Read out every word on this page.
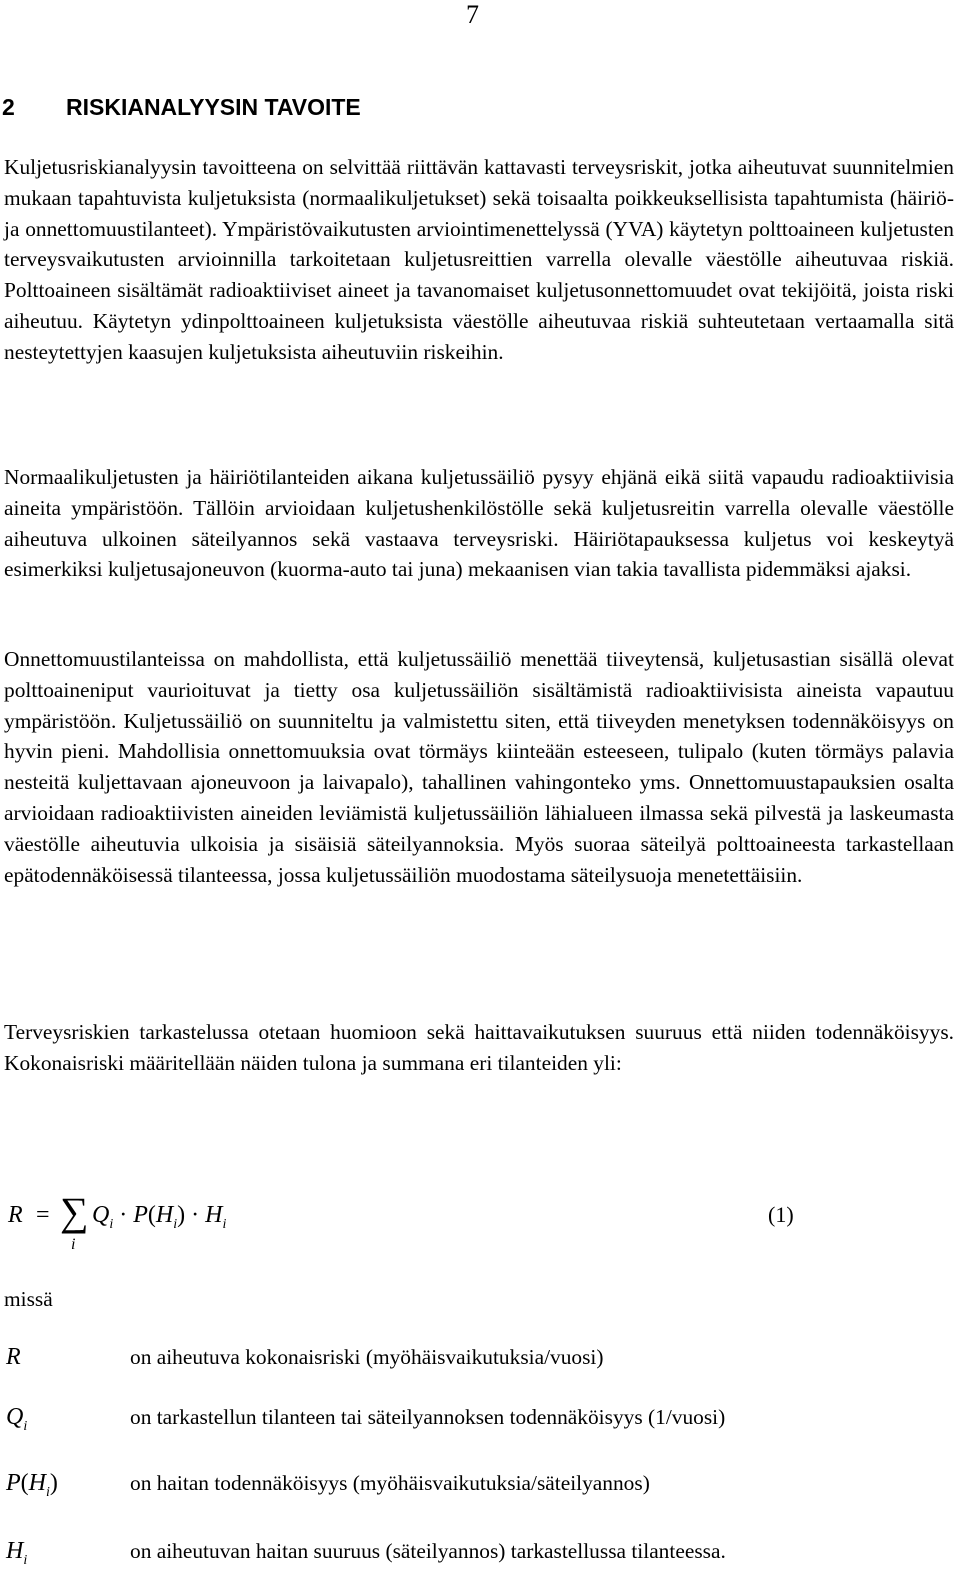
7
2 RISKIANALYYSIN TAVOITE

Kuljetusriskianalyysin tavoitteena on selvittää riittävän kattavasti terveysriskit, jotka aiheutuvat suunnitelmien mukaan tapahtuvista kuljetuksista (normaalikuljetukset) sekä toisaalta poikkeuksellisista tapahtumista (häiriö- ja onnettomuustilanteet). Ympäristövaikutusten arviointimenettelyssä (YVA) käytetyn polttoaineen kuljetusten terveysvaikutusten arvioinnilla tarkoitetaan kuljetusreittien varrella olevalle väestölle aiheutuvaa riskiä. Polttoaineen sisältämät radioaktiiviset aineet ja tavanomaiset kuljetusonnettomuudet ovat tekijöitä, joista riski aiheutuu. Käytetyn ydinpolttoaineen kuljetuksista väestölle aiheutuvaa riskiä suhteutetaan vertaamalla sitä nesteytettyjen kaasujen kuljetuksista aiheutuviin riskeihin.

Normaalikuljetusten ja häiriötilanteiden aikana kuljetussäiliö pysyy ehjänä eikä siitä vapaudu radioaktiivisia aineita ympäristöön. Tällöin arvioidaan kuljetushenkilöstölle sekä kuljetusreitin varrella olevalle väestölle aiheutuva ulkoinen säteilyannos sekä vastaava terveysriski. Häiriötapauksessa kuljetus voi keskeytyä esimerkiksi kuljetusajoneuvon (kuorma-auto tai juna) mekaanisen vian takia tavallista pidemmäksi ajaksi.

Onnettomuustilanteissa on mahdollista, että kuljetussäiliö menettää tiiveytensä, kuljetusastian sisällä olevat polttoaineniput vaurioituvat ja tietty osa kuljetussäiliön sisältämistä radioaktiivisista aineista vapautuu ympäristöön. Kuljetussäiliö on suunniteltu ja valmistettu siten, että tiiveyden menetyksen todennäköisyys on hyvin pieni. Mahdollisia onnettomuuksia ovat törmäys kiinteään esteeseen, tulipalo (kuten törmäys palavia nesteitä kuljettavaan ajoneuvoon ja laivapalo), tahallinen vahingonteko yms. Onnettomuustapauksien osalta arvioidaan radioaktiivisten aineiden leviämistä kuljetussäiliön lähialueen ilmassa sekä pilvestä ja laskeumasta väestölle aiheutuvia ulkoisia ja sisäisiä säteilyannoksia. Myös suoraa säteilyä polttoaineesta tarkastellaan epätodennäköisessä tilanteessa, jossa kuljetussäiliön muodostama säteilysuoja menetettäisiin.

Terveysriskien tarkastelussa otetaan huomioon sekä haittavaikutuksen suuruus että niiden todennäköisyys. Kokonaisriski määritellään näiden tulona ja summana eri tilanteiden yli:

R = ∑
i
$Q_i \cdot P(H_i) \cdot H_i$	(1)
missä
R	on aiheutuva kokonaisriski (myöhäisvaikutuksia/vuosi)
$Q_i$	on tarkastellun tilanteen tai säteilyannoksen todennäköisyys (1/vuosi)
$P(H_i)$	on haitan todennäköisyys (myöhäisvaikutuksia/säteilyannos)
$H_i$	on aiheutuvan haitan suuruus (säteilyannos) tarkastellussa tilanteessa.
